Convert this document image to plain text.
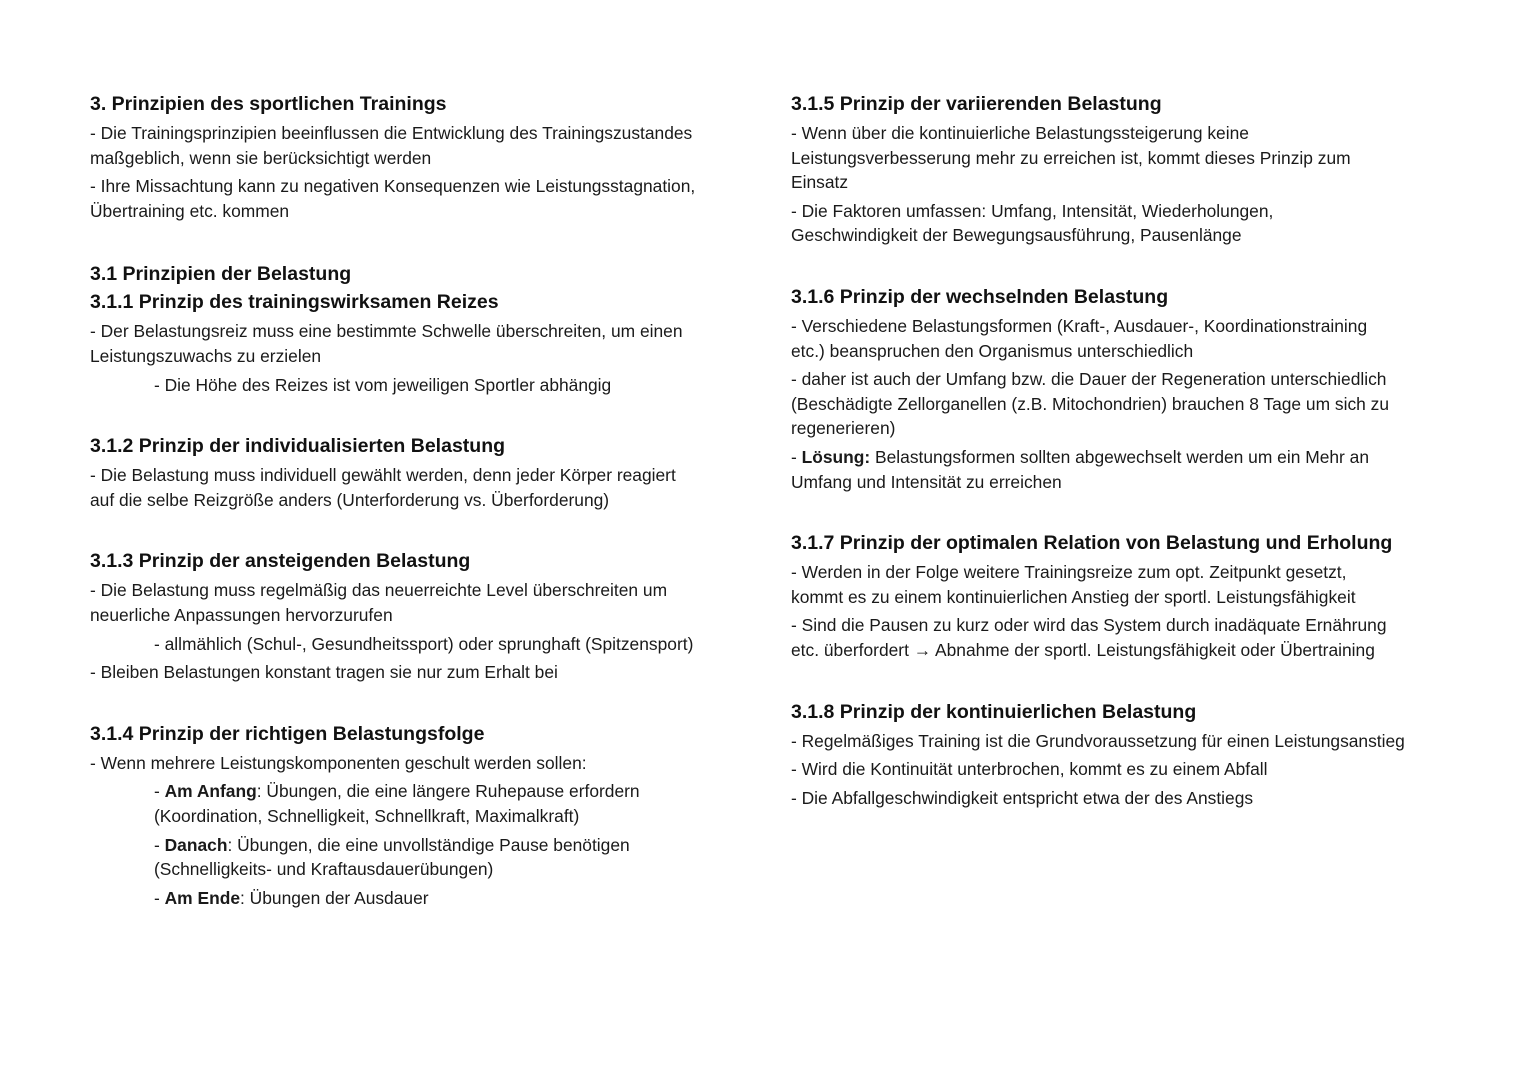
3. Prinzipien des sportlichen Trainings

- Die Trainingsprinzipien beeinflussen die Entwicklung des Trainingszustandes
maßgeblich, wenn sie berücksichtigt werden

- Ihre Missachtung kann zu negativen Konsequenzen wie Leistungsstagnation,
Übertraining etc. kommen

3.1 Prinzipien der Belastung
3.1.1 Prinzip des trainingswirksamen Reizes

- Der Belastungsreiz muss eine bestimmte Schwelle überschreiten, um einen
Leistungszuwachs zu erzielen

- Die Höhe des Reizes ist vom jeweiligen Sportler abhängig

3.1.2 Prinzip der individualisierten Belastung

- Die Belastung muss individuell gewählt werden, denn jeder Körper reagiert
auf die selbe Reizgröße anders (Unterforderung vs. Überforderung)

3.1.3 Prinzip der ansteigenden Belastung

- Die Belastung muss regelmäßig das neuerreichte Level überschreiten um
neuerliche Anpassungen hervorzurufen

- allmählich (Schul-, Gesundheitssport) oder sprunghaft (Spitzensport)

- Bleiben Belastungen konstant tragen sie nur zum Erhalt bei

3.1.4 Prinzip der richtigen Belastungsfolge

- Wenn mehrere Leistungskomponenten geschult werden sollen:

- Am Anfang: Übungen, die eine längere Ruhepause erfordern
(Koordination, Schnelligkeit, Schnellkraft, Maximalkraft)

- Danach: Übungen, die eine unvollständige Pause benötigen
(Schnelligkeits- und Kraftausdauerübungen)

- Am Ende: Übungen der Ausdauer

3.1.5 Prinzip der variierenden Belastung

- Wenn über die kontinuierliche Belastungssteigerung keine
Leistungsverbesserung mehr zu erreichen ist, kommt dieses Prinzip zum
Einsatz

- Die Faktoren umfassen: Umfang, Intensität, Wiederholungen,
Geschwindigkeit der Bewegungsausführung, Pausenlänge

3.1.6 Prinzip der wechselnden Belastung

- Verschiedene Belastungsformen (Kraft-, Ausdauer-, Koordinationstraining
etc.) beanspruchen den Organismus unterschiedlich

- daher ist auch der Umfang bzw. die Dauer der Regeneration unterschiedlich
(Beschädigte Zellorganellen (z.B. Mitochondrien) brauchen 8 Tage um sich zu
regenerieren)

- Lösung: Belastungsformen sollten abgewechselt werden um ein Mehr an
Umfang und Intensität zu erreichen

3.1.7 Prinzip der optimalen Relation von Belastung und Erholung

- Werden in der Folge weitere Trainingsreize zum opt. Zeitpunkt gesetzt,
kommt es zu einem kontinuierlichen Anstieg der sportl. Leistungsfähigkeit

- Sind die Pausen zu kurz oder wird das System durch inadäquate Ernährung
etc. überfordert → Abnahme der sportl. Leistungsfähigkeit oder Übertraining

3.1.8 Prinzip der kontinuierlichen Belastung

- Regelmäßiges Training ist die Grundvoraussetzung für einen Leistungsanstieg

- Wird die Kontinuität unterbrochen, kommt es zu einem Abfall

- Die Abfallgeschwindigkeit entspricht etwa der des Anstiegs
